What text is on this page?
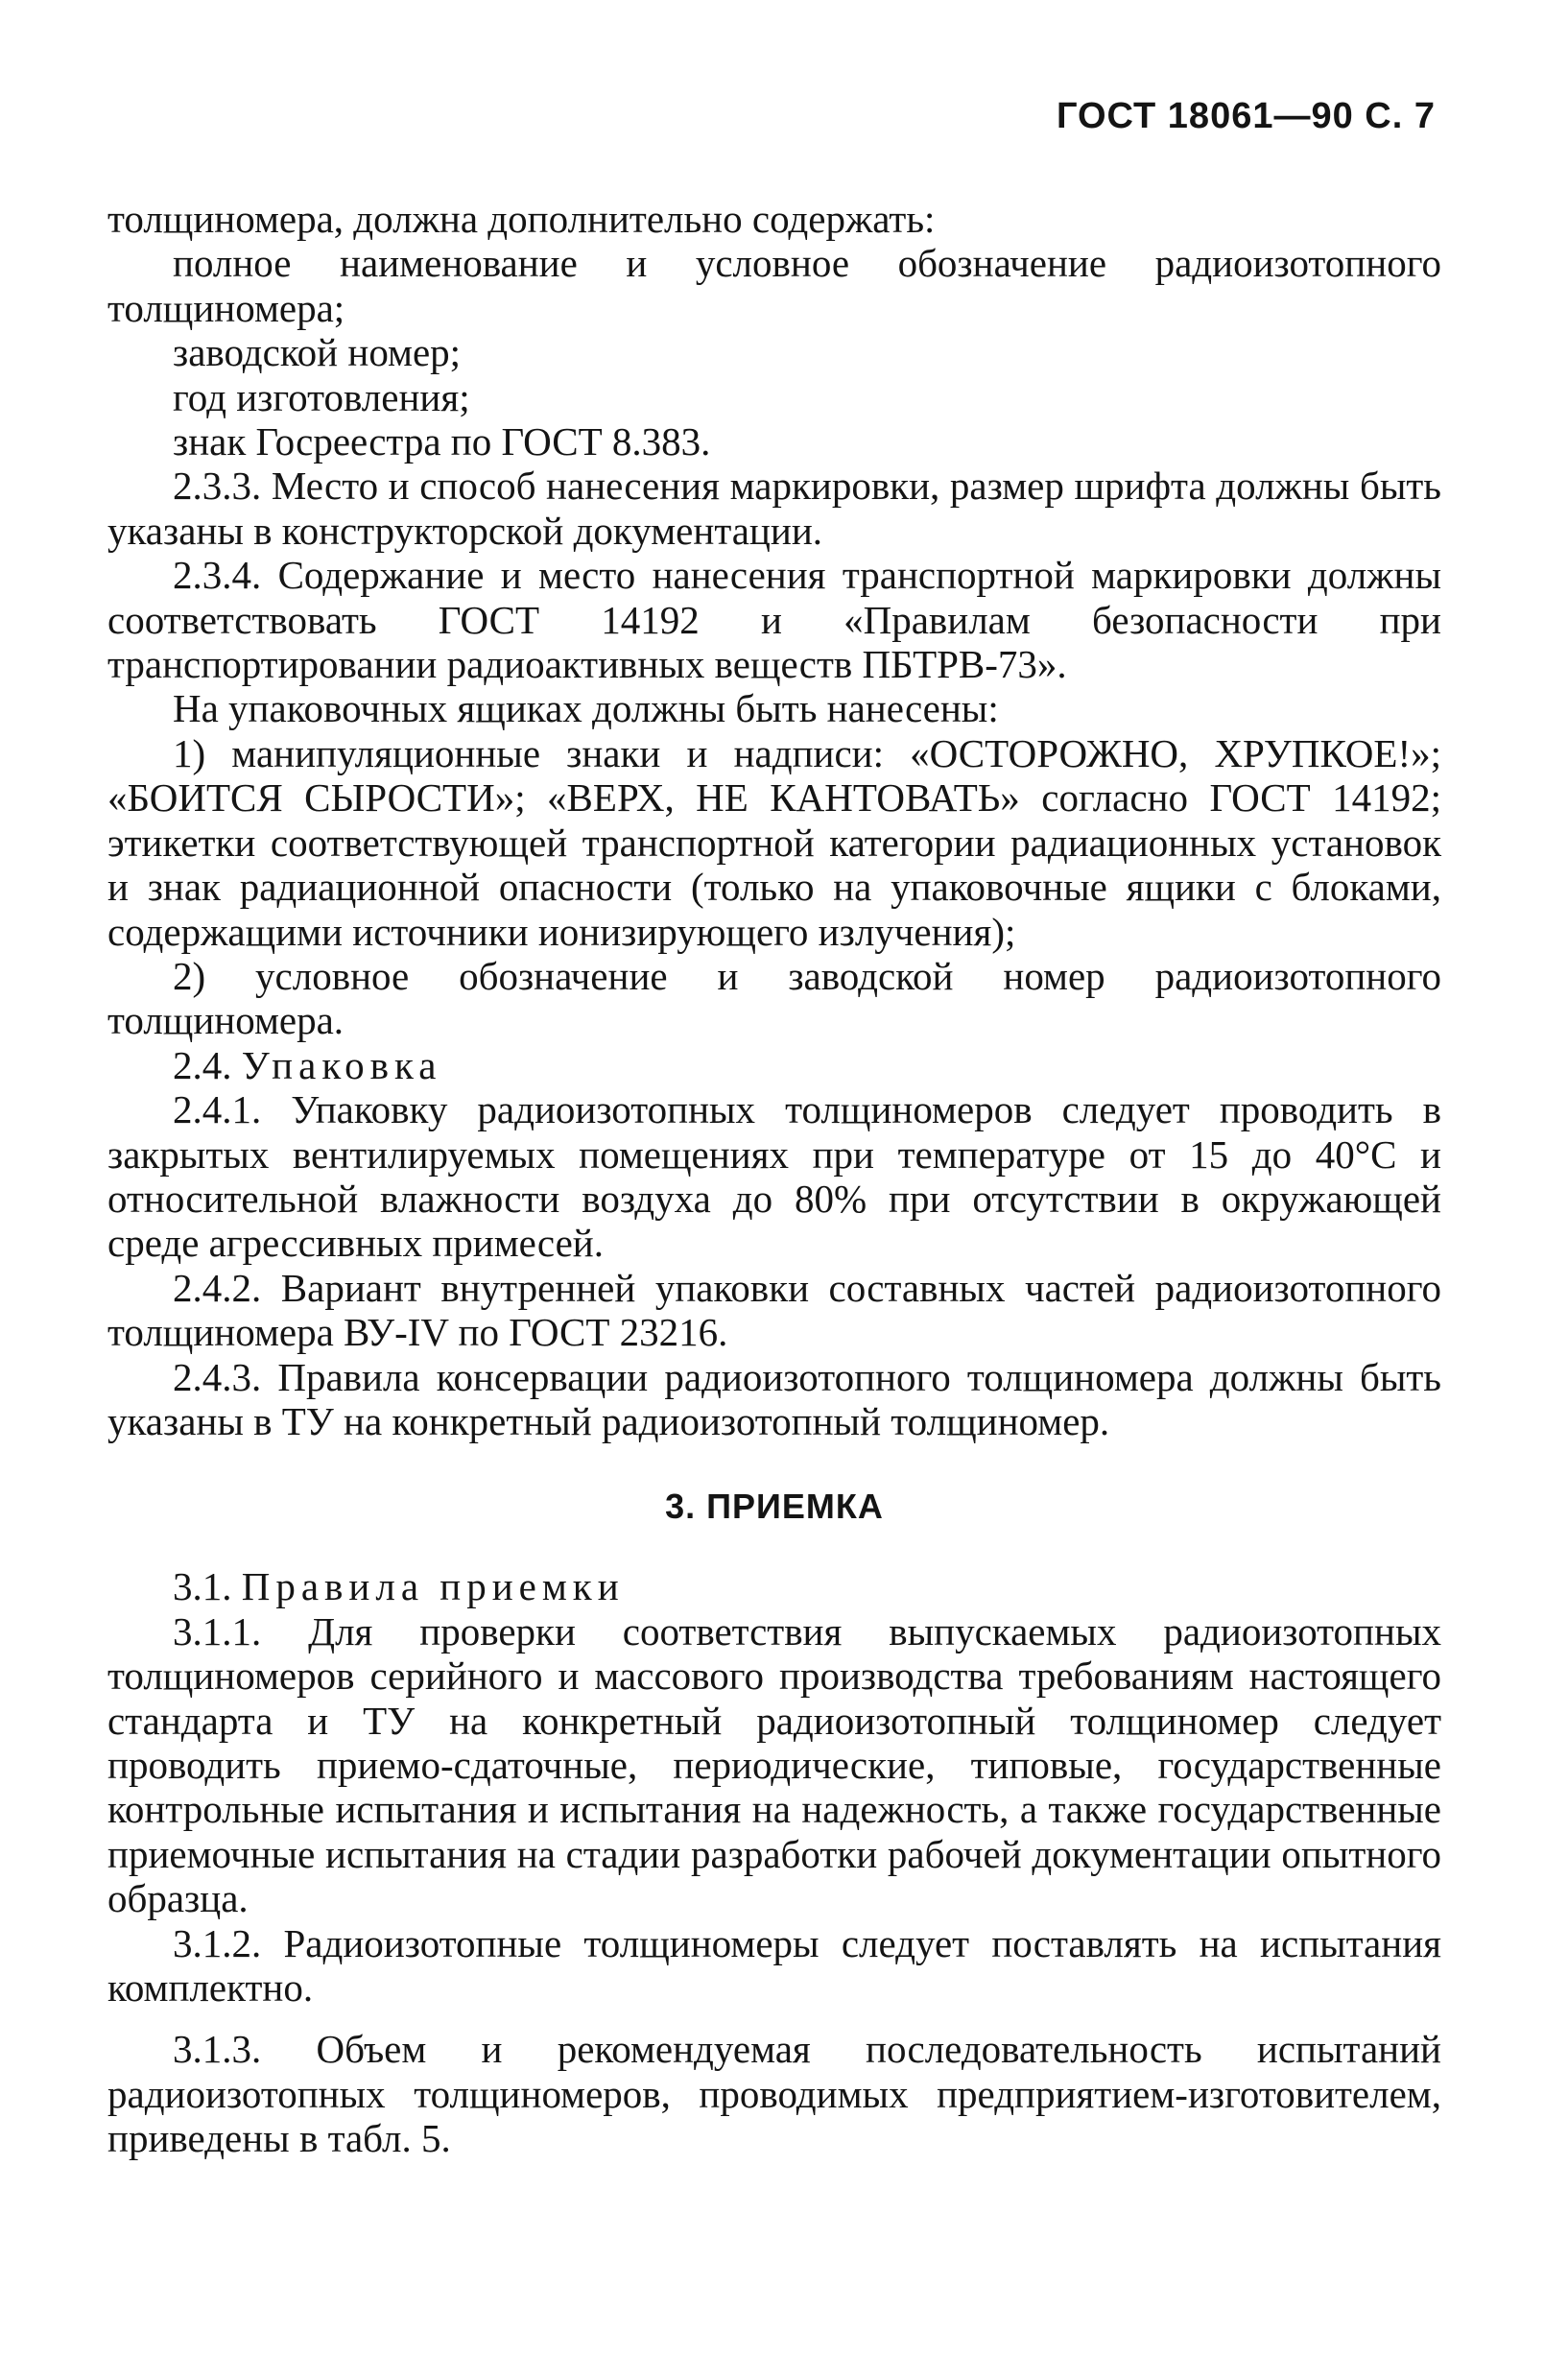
ГОСТ 18061—90 С. 7

толщиномера, должна дополнительно содержать:

полное наименование и условное обозначение радиоизотопного толщиномера;

заводской номер;

год изготовления;

знак Госреестра по ГОСТ 8.383.

2.3.3. Место и способ нанесения маркировки, размер шрифта должны быть указаны в конструкторской документации.

2.3.4. Содержание и место нанесения транспортной маркировки должны соответствовать ГОСТ 14192 и «Правилам безопасности при транспортировании радиоактивных веществ ПБТРВ-73».

На упаковочных ящиках должны быть нанесены:

1) манипуляционные знаки и надписи: «ОСТОРОЖНО, ХРУПКОЕ!»; «БОИТСЯ СЫРОСТИ»; «ВЕРХ, НЕ КАНТОВАТЬ» согласно ГОСТ 14192; этикетки соответствующей транспортной категории радиационных установок и знак радиационной опасности (только на упаковочные ящики с блоками, содержащими источники ионизирующего излучения);

2) условное обозначение и заводской номер радиоизотопного толщиномера.

2.4. Упаковка

2.4.1. Упаковку радиоизотопных толщиномеров следует проводить в закрытых вентилируемых помещениях при температуре от 15 до 40°С и относительной влажности воздуха до 80% при отсутствии в окружающей среде агрессивных примесей.

2.4.2. Вариант внутренней упаковки составных частей радиоизотопного толщиномера ВУ-IV по ГОСТ 23216.

2.4.3. Правила консервации радиоизотопного толщиномера должны быть указаны в ТУ на конкретный радиоизотопный толщиномер.

3. ПРИЕМКА

3.1. Правила приемки

3.1.1. Для проверки соответствия выпускаемых радиоизотопных толщиномеров серийного и массового производства требованиям настоящего стандарта и ТУ на конкретный радиоизотопный толщиномер следует проводить приемо-сдаточные, периодические, типовые, государственные контрольные испытания и испытания на надежность, а также государственные приемочные испытания на стадии разработки рабочей документации опытного образца.

3.1.2. Радиоизотопные толщиномеры следует поставлять на испытания комплектно.

3.1.3. Объем и рекомендуемая последовательность испытаний радиоизотопных толщиномеров, проводимых предприятием-изготовителем, приведены в табл. 5.
